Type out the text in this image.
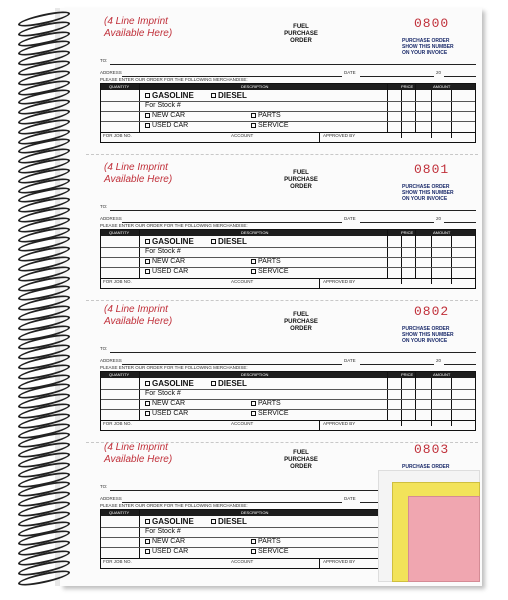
(4 Line Imprint
Available Here)
FUEL
PURCHASE
ORDER
0800
PURCHASE ORDER
SHOW THIS NUMBER
ON YOUR INVOICE
TO:
ADDRESS	DATE	20
PLEASE ENTER OUR ORDER FOR THE FOLLOWING MERCHANDISE:
QUANTITY	DESCRIPTION	PRICE	AMOUNT
GASOLINE	DIESEL
For Stock #
NEW CAR	PARTS
USED CAR	SERVICE
FOR JOB NO.	ACCOUNT	APPROVED BY
(4 Line Imprint
Available Here)
FUEL
PURCHASE
ORDER
0801
PURCHASE ORDER
SHOW THIS NUMBER
ON YOUR INVOICE
TO:
ADDRESS	DATE	20
PLEASE ENTER OUR ORDER FOR THE FOLLOWING MERCHANDISE:
QUANTITY	DESCRIPTION	PRICE	AMOUNT
GASOLINE	DIESEL
For Stock #
NEW CAR	PARTS
USED CAR	SERVICE
FOR JOB NO.	ACCOUNT	APPROVED BY
(4 Line Imprint
Available Here)
FUEL
PURCHASE
ORDER
0802
PURCHASE ORDER
SHOW THIS NUMBER
ON YOUR INVOICE
TO:
ADDRESS	DATE	20
PLEASE ENTER OUR ORDER FOR THE FOLLOWING MERCHANDISE:
QUANTITY	DESCRIPTION	PRICE	AMOUNT
GASOLINE	DIESEL
For Stock #
NEW CAR	PARTS
USED CAR	SERVICE
FOR JOB NO.	ACCOUNT	APPROVED BY
(4 Line Imprint
Available Here)
FUEL
PURCHASE
ORDER
0803
PURCHASE ORDER

TO:
ADDRESS	DATE
PLEASE ENTER OUR ORDER FOR THE FOLLOWING MERCHANDISE:
QUANTITY	DESCRIPTION
GASOLINE	DIESEL
For Stock #
NEW CAR	PARTS
USED CAR	SERVICE
FOR JOB NO.	ACCOUNT	APPROVED BY
